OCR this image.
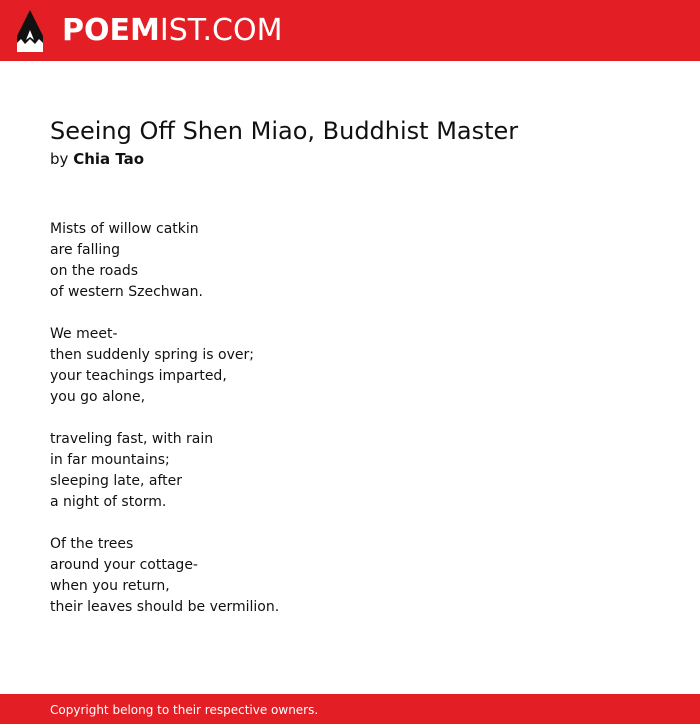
POEMIST.COM
Seeing Off Shen Miao, Buddhist Master
by Chia Tao

Mists of willow catkin
are falling
on the roads
of western Szechwan.

We meet-
then suddenly spring is over;
your teachings imparted,
you go alone,

traveling fast, with rain
in far mountains;
sleeping late, after
a night of storm.

Of the trees
around your cottage-
when you return,
their leaves should be vermilion.

Copyright belong to their respective owners.
